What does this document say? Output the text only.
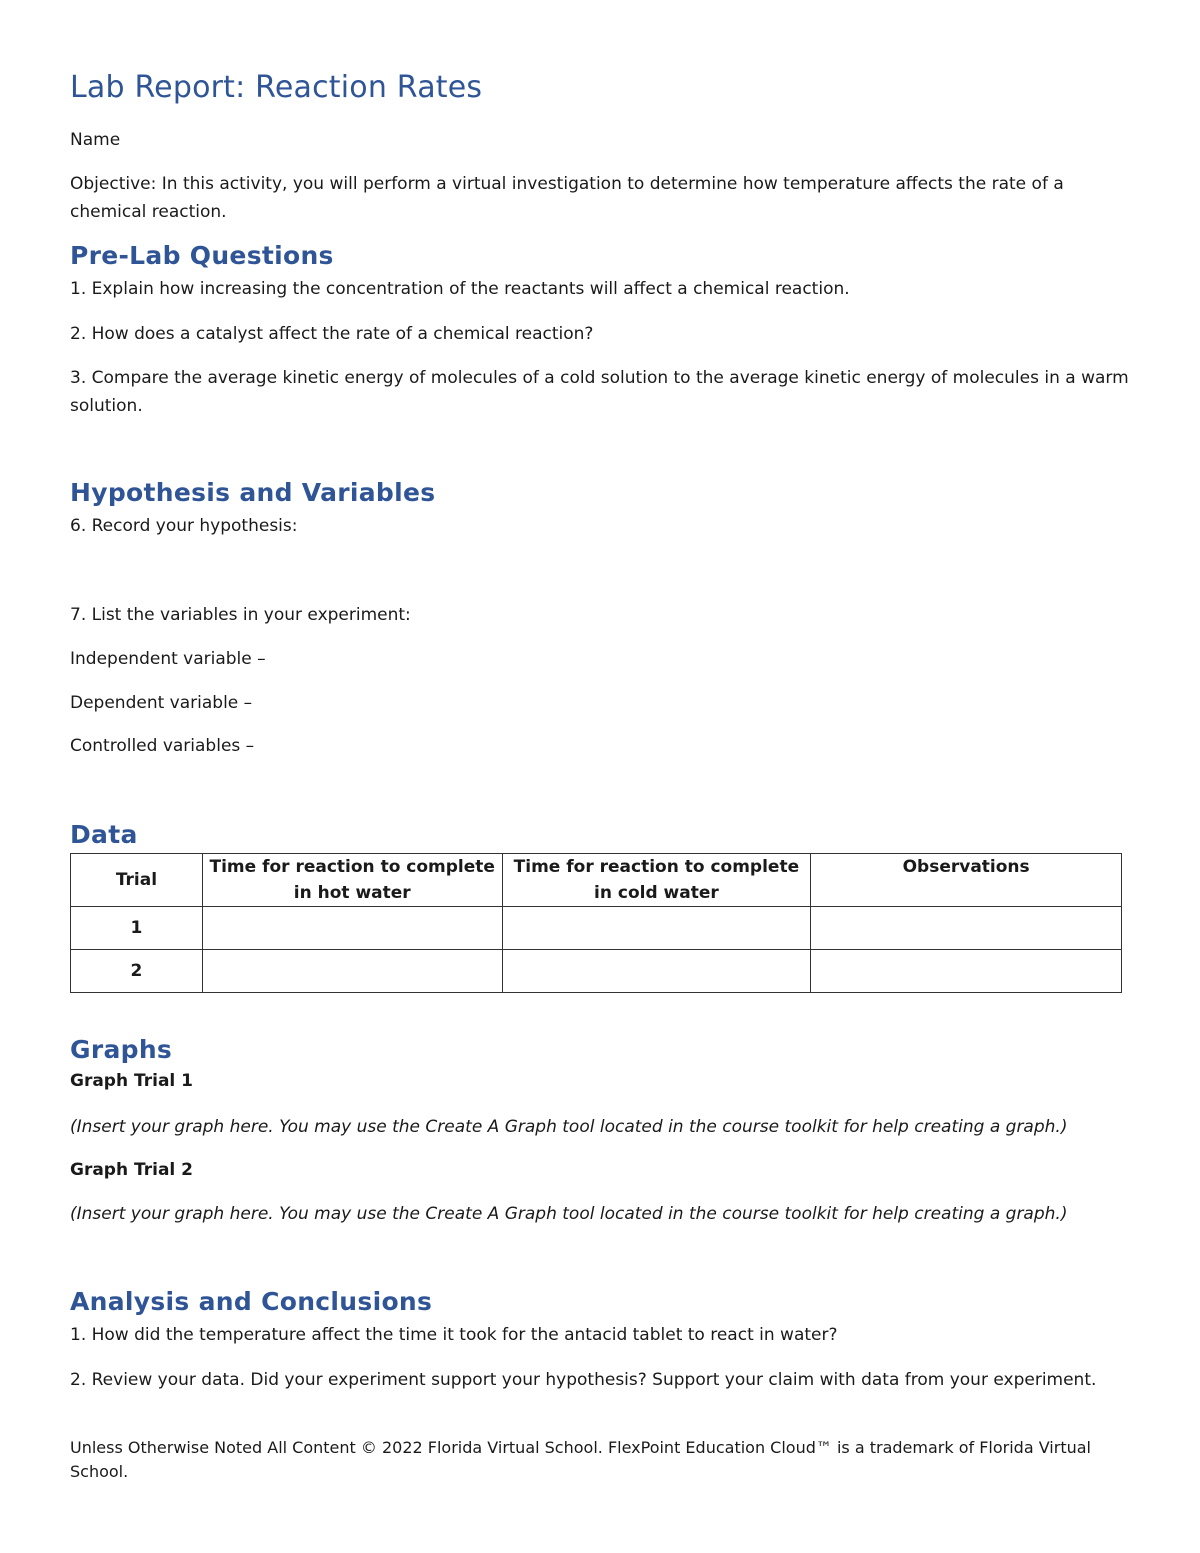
Lab Report: Reaction Rates
Name
Objective: In this activity, you will perform a virtual investigation to determine how temperature affects the rate of a chemical reaction.
Pre-Lab Questions
1. Explain how increasing the concentration of the reactants will affect a chemical reaction.
2. How does a catalyst affect the rate of a chemical reaction?
3. Compare the average kinetic energy of molecules of a cold solution to the average kinetic energy of molecules in a warm solution.
Hypothesis and Variables
6. Record your hypothesis:
7. List the variables in your experiment:
Independent variable –
Dependent variable –
Controlled variables –
Data
Trial	Time for reaction to complete in hot water	Time for reaction to complete in cold water	Observations
1			
2			
Graphs
Graph Trial 1
(Insert your graph here. You may use the Create A Graph tool located in the course toolkit for help creating a graph.)
Graph Trial 2
(Insert your graph here. You may use the Create A Graph tool located in the course toolkit for help creating a graph.)
Analysis and Conclusions
1. How did the temperature affect the time it took for the antacid tablet to react in water?
2. Review your data. Did your experiment support your hypothesis? Support your claim with data from your experiment.
Unless Otherwise Noted All Content © 2022 Florida Virtual School. FlexPoint Education Cloud™ is a trademark of Florida Virtual School.
